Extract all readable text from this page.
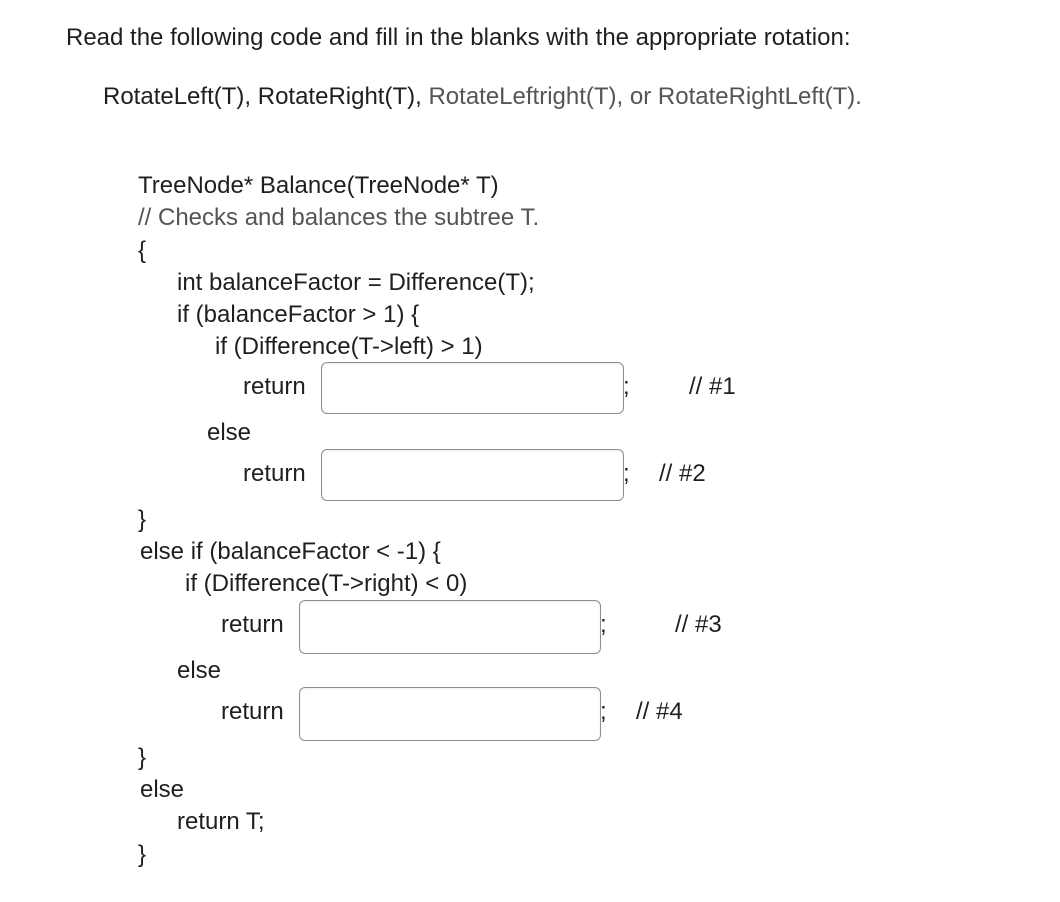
Read the following code and fill in the blanks with the appropriate rotation:
RotateLeft(T), RotateRight(T), RotateLeftright(T), or RotateRightLeft(T).
TreeNode* Balance(TreeNode* T)
// Checks and balances the subtree T.
{
int balanceFactor = Difference(T);
if (balanceFactor > 1) {
if (Difference(T->left) > 1)
return	; // #1
else
return	; // #2
}
else if (balanceFactor < -1) {
if (Difference(T->right) < 0)
return	;	// #3
else
return	; // #4
}
else
return T;
}
